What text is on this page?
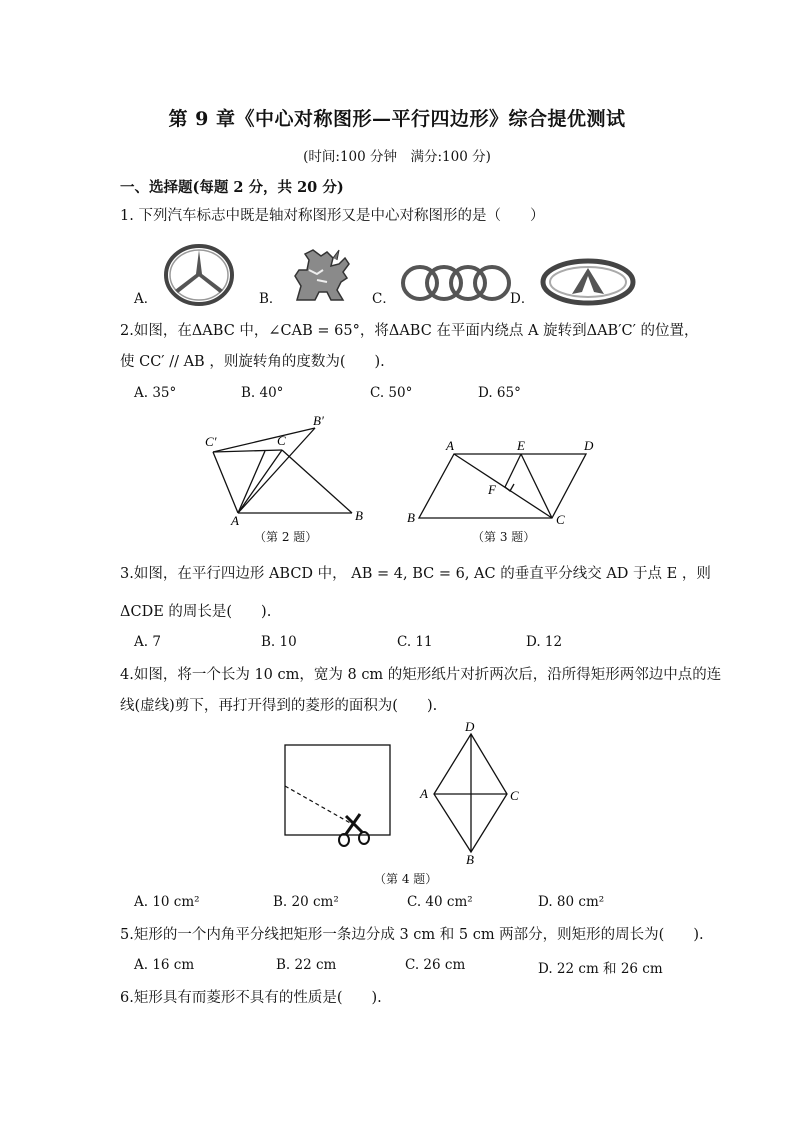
第 9 章《中心对称图形—平行四边形》综合提优测试
(时间:100 分钟　满分:100 分)
一、选择题(每题 2 分，共 20 分)
1. 下列汽车标志中既是轴对称图形又是中心对称图形的是（　　）
A．	B．	C．	D．
2.如图，在ΔABC 中，∠CAB = 65°，将ΔABC 在平面内绕点 A 旋转到ΔAB′C′ 的位置，
使 CC′ // AB ，则旋转角的度数为(　　).
A. 35°	B. 40°	C. 50°	D. 65°
C′	C
B′
A	B
（第 2 题）
A	E	D
F
B	C
（第 3 题）
3.如图，在平行四边形 ABCD 中， AB = 4, BC = 6, AC 的垂直平分线交 AD 于点 E ，则
ΔCDE 的周长是(　　).
A. 7	B. 10	C. 11	D. 12
4.如图，将一个长为 10 cm，宽为 8 cm 的矩形纸片对折两次后，沿所得矩形两邻边中点的连
线(虚线)剪下，再打开得到的菱形的面积为(　　).
D
A	C
B
（第 4 题）
A. 10 cm²	B. 20 cm²	C. 40 cm²	D. 80 cm²
5.矩形的一个内角平分线把矩形一条边分成 3 cm 和 5 cm 两部分，则矩形的周长为(　　).
A. 16 cm	B. 22 cm	C. 26 cm	D. 22 cm 和 26 cm
6.矩形具有而菱形不具有的性质是(　　).
